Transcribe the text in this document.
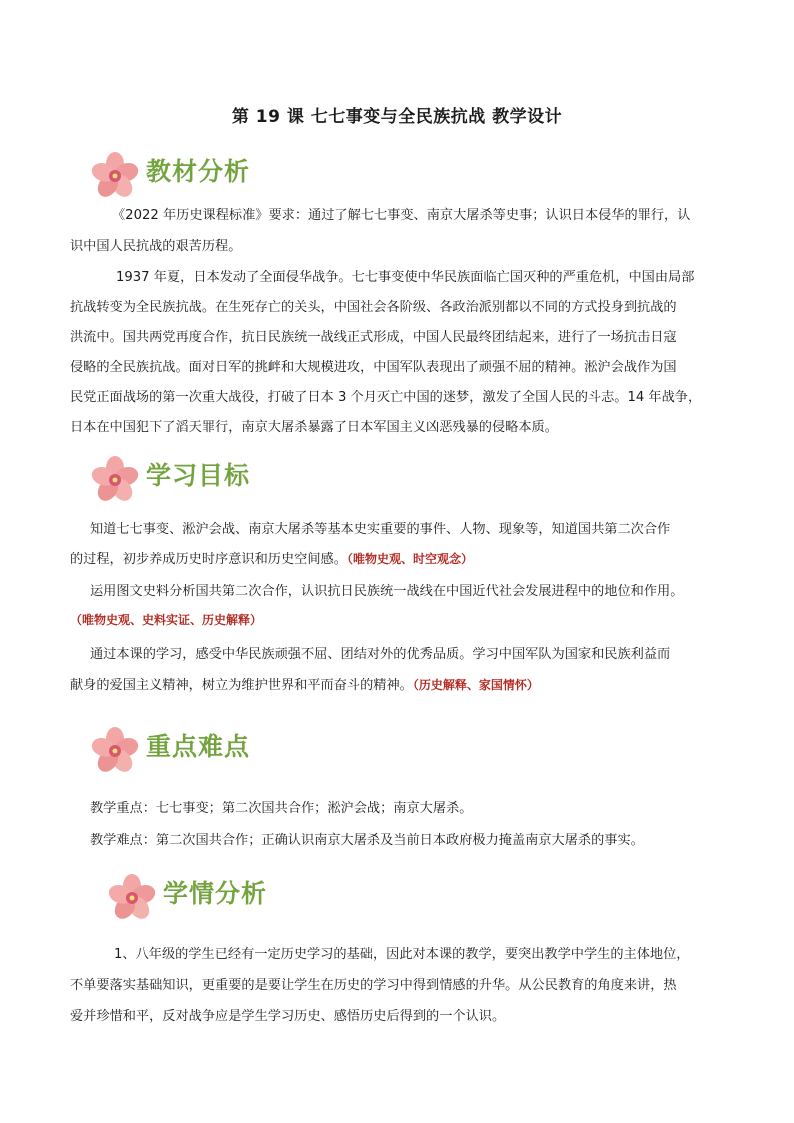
第 19 课 七七事变与全民族抗战 教学设计
教材分析
《2022 年历史课程标准》要求：通过了解七七事变、南京大屠杀等史事；认识日本侵华的罪行，认
识中国人民抗战的艰苦历程。
1937 年夏，日本发动了全面侵华战争。七七事变使中华民族面临亡国灭种的严重危机，中国由局部
抗战转变为全民族抗战。在生死存亡的关头，中国社会各阶级、各政治派别都以不同的方式投身到抗战的
洪流中。国共两党再度合作，抗日民族统一战线正式形成，中国人民最终团结起来，进行了一场抗击日寇
侵略的全民族抗战。面对日军的挑衅和大规模进攻，中国军队表现出了顽强不屈的精神。淞沪会战作为国
民党正面战场的第一次重大战役，打破了日本 3 个月灭亡中国的迷梦，激发了全国人民的斗志。14 年战争，
日本在中国犯下了滔天罪行，南京大屠杀暴露了日本军国主义凶恶残暴的侵略本质。
学习目标
知道七七事变、淞沪会战、南京大屠杀等基本史实重要的事件、人物、现象等，知道国共第二次合作
的过程，初步养成历史时序意识和历史空间感。（唯物史观、时空观念）
运用图文史料分析国共第二次合作，认识抗日民族统一战线在中国近代社会发展进程中的地位和作用。
（唯物史观、史料实证、历史解释）
通过本课的学习，感受中华民族顽强不屈、团结对外的优秀品质。学习中国军队为国家和民族利益而
献身的爱国主义精神，树立为维护世界和平而奋斗的精神。（历史解释、家国情怀）
重点难点
教学重点：七七事变；第二次国共合作；淞沪会战；南京大屠杀。
教学难点：第二次国共合作；正确认识南京大屠杀及当前日本政府极力掩盖南京大屠杀的事实。
学情分析
1、八年级的学生已经有一定历史学习的基础，因此对本课的教学，要突出教学中学生的主体地位，
不单要落实基础知识，更重要的是要让学生在历史的学习中得到情感的升华。从公民教育的角度来讲，热
爱并珍惜和平，反对战争应是学生学习历史、感悟历史后得到的一个认识。
